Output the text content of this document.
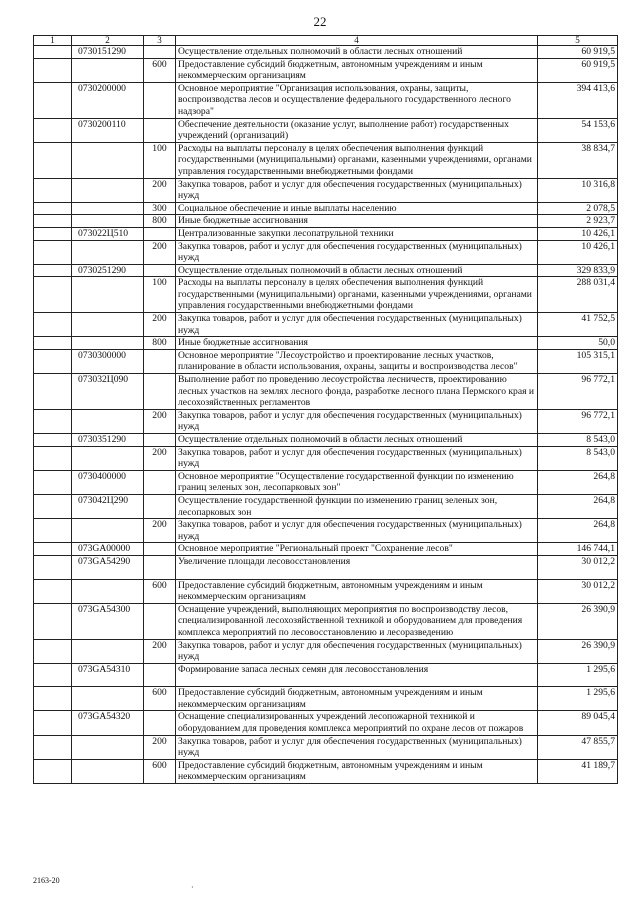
22
1	2	3	4	5
	0730151290		Осуществление отдельных полномочий в области лесных отношений	60 919,5
		600	Предоставление субсидий бюджетным, автономным учреждениям и иным некоммерческим организациям	60 919,5
	0730200000		Основное мероприятие "Организация использования, охраны, защиты, воспроизводства лесов и осуществление федерального государственного лесного надзора"	394 413,6
	0730200110		Обеспечение деятельности (оказание услуг, выполнение работ) государственных учреждений (организаций)	54 153,6
		100	Расходы на выплаты персоналу в целях обеспечения выполнения функций государственными (муниципальными) органами, казенными учреждениями, органами управления государственными внебюджетными фондами	38 834,7
		200	Закупка товаров, работ и услуг для обеспечения государственных (муниципальных) нужд	10 316,8
		300	Социальное обеспечение и иные выплаты населению	2 078,5
		800	Иные бюджетные ассигнования	2 923,7
	073022Ц510		Централизованные закупки лесопатрульной техники	10 426,1
		200	Закупка товаров, работ и услуг для обеспечения государственных (муниципальных) нужд	10 426,1
	0730251290		Осуществление отдельных полномочий в области лесных отношений	329 833,9
		100	Расходы на выплаты персоналу в целях обеспечения выполнения функций государственными (муниципальными) органами, казенными учреждениями, органами управления государственными внебюджетными фондами	288 031,4
		200	Закупка товаров, работ и услуг для обеспечения государственных (муниципальных) нужд	41 752,5
		800	Иные бюджетные ассигнования	50,0
	0730300000		Основное мероприятие "Лесоустройство и проектирование лесных участков, планирование в области использования, охраны, защиты и воспроизводства лесов"	105 315,1
	073032Ц090		Выполнение работ по проведению лесоустройства лесничеств, проектированию лесных участков на землях лесного фонда, разработке лесного плана Пермского края и лесохозяйственных регламентов	96 772,1
		200	Закупка товаров, работ и услуг для обеспечения государственных (муниципальных) нужд	96 772,1
	0730351290		Осуществление отдельных полномочий в области лесных отношений	8 543,0
		200	Закупка товаров, работ и услуг для обеспечения государственных (муниципальных) нужд	8 543,0
	0730400000		Основное мероприятие "Осуществление государственной функции по изменению границ зеленых зон, лесопарковых зон"	264,8
	073042Ц290		Осуществление государственной функции по изменению границ зеленых зон, лесопарковых зон	264,8
		200	Закупка товаров, работ и услуг для обеспечения государственных (муниципальных) нужд	264,8
	073GA00000		Основное мероприятие "Региональный проект "Сохранение лесов"	146 744,1
	073GA54290		Увеличение площади лесовосстановления	30 012,2
		600	Предоставление субсидий бюджетным, автономным учреждениям и иным некоммерческим организациям	30 012,2
	073GA54300		Оснащение учреждений, выполняющих мероприятия по воспроизводству лесов, специализированной лесохозяйственной техникой и оборудованием для проведения комплекса мероприятий по лесовосстановлению и лесоразведению	26 390,9
		200	Закупка товаров, работ и услуг для обеспечения государственных (муниципальных) нужд	26 390,9
	073GA54310		Формирование запаса лесных семян для лесовосстановления	1 295,6
		600	Предоставление субсидий бюджетным, автономным учреждениям и иным некоммерческим организациям	1 295,6
	073GA54320		Оснащение специализированных учреждений лесопожарной техникой и оборудованием для проведения комплекса мероприятий по охране лесов от пожаров	89 045,4
		200	Закупка товаров, работ и услуг для обеспечения государственных (муниципальных) нужд	47 855,7
		600	Предоставление субсидий бюджетным, автономным учреждениям и иным некоммерческим организациям	41 189,7
2163-20
·
